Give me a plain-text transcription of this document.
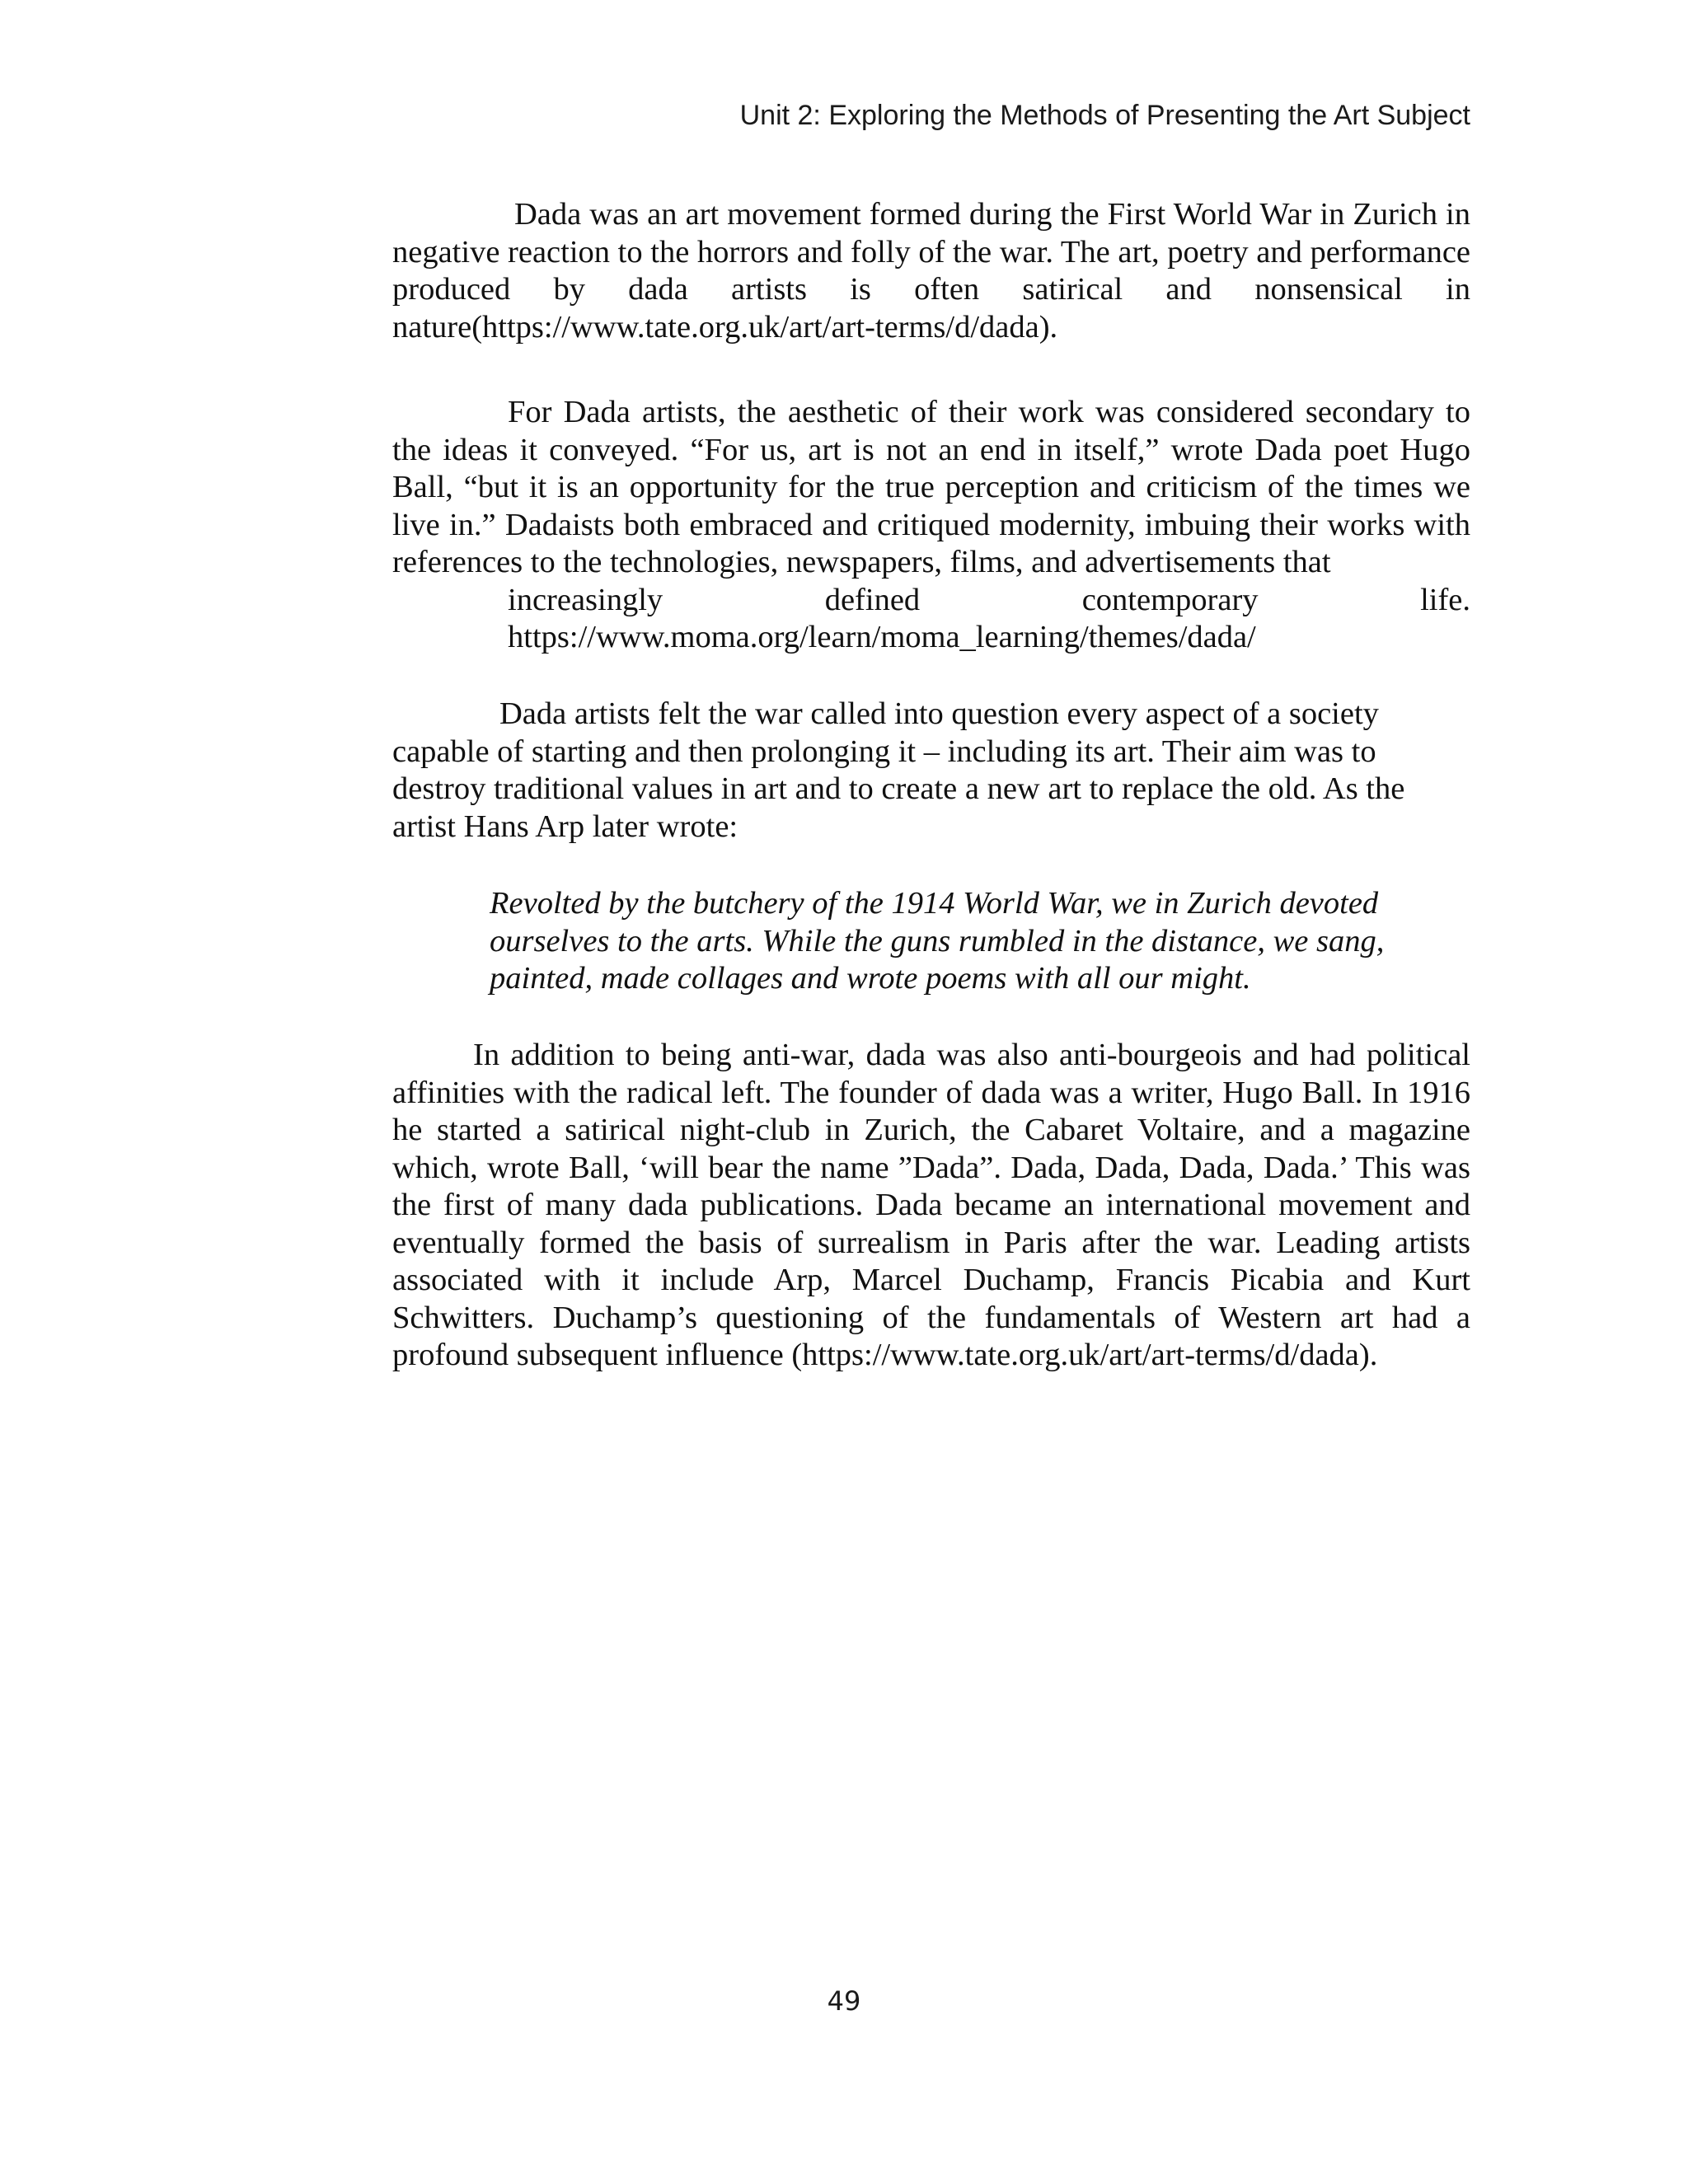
Unit 2: Exploring the Methods of Presenting the Art Subject

Dada was an art movement formed during the First World War in Zurich in negative reaction to the horrors and folly of the war. The art, poetry and performance produced by dada artists is often satirical and nonsensical in nature(https://www.tate.org.uk/art/art-terms/d/dada).

For Dada artists, the aesthetic of their work was considered secondary to the ideas it conveyed. “For us, art is not an end in itself,” wrote Dada poet Hugo Ball, “but it is an opportunity for the true perception and criticism of the times we live in.” Dadaists both embraced and critiqued modernity, imbuing their works with references to the technologies, newspapers, films, and advertisements that
increasingly defined contemporary life.
https://www.moma.org/learn/moma_learning/themes/dada/

Dada artists felt the war called into question every aspect of a society capable of starting and then prolonging it – including its art. Their aim was to destroy traditional values in art and to create a new art to replace the old. As the artist Hans Arp later wrote:

Revolted by the butchery of the 1914 World War, we in Zurich devoted ourselves to the arts. While the guns rumbled in the distance, we sang, painted, made collages and wrote poems with all our might.

In addition to being anti-war, dada was also anti-bourgeois and had political affinities with the radical left. The founder of dada was a writer, Hugo Ball. In 1916 he started a satirical night-club in Zurich, the Cabaret Voltaire, and a magazine which, wrote Ball, ‘will bear the name ”Dada”. Dada, Dada, Dada, Dada.’ This was the first of many dada publications. Dada became an international movement and eventually formed the basis of surrealism in Paris after the war. Leading artists associated with it include Arp, Marcel Duchamp, Francis Picabia and Kurt Schwitters. Duchamp’s questioning of the fundamentals of Western art had a profound subsequent influence (https://www.tate.org.uk/art/art-terms/d/dada).

49
